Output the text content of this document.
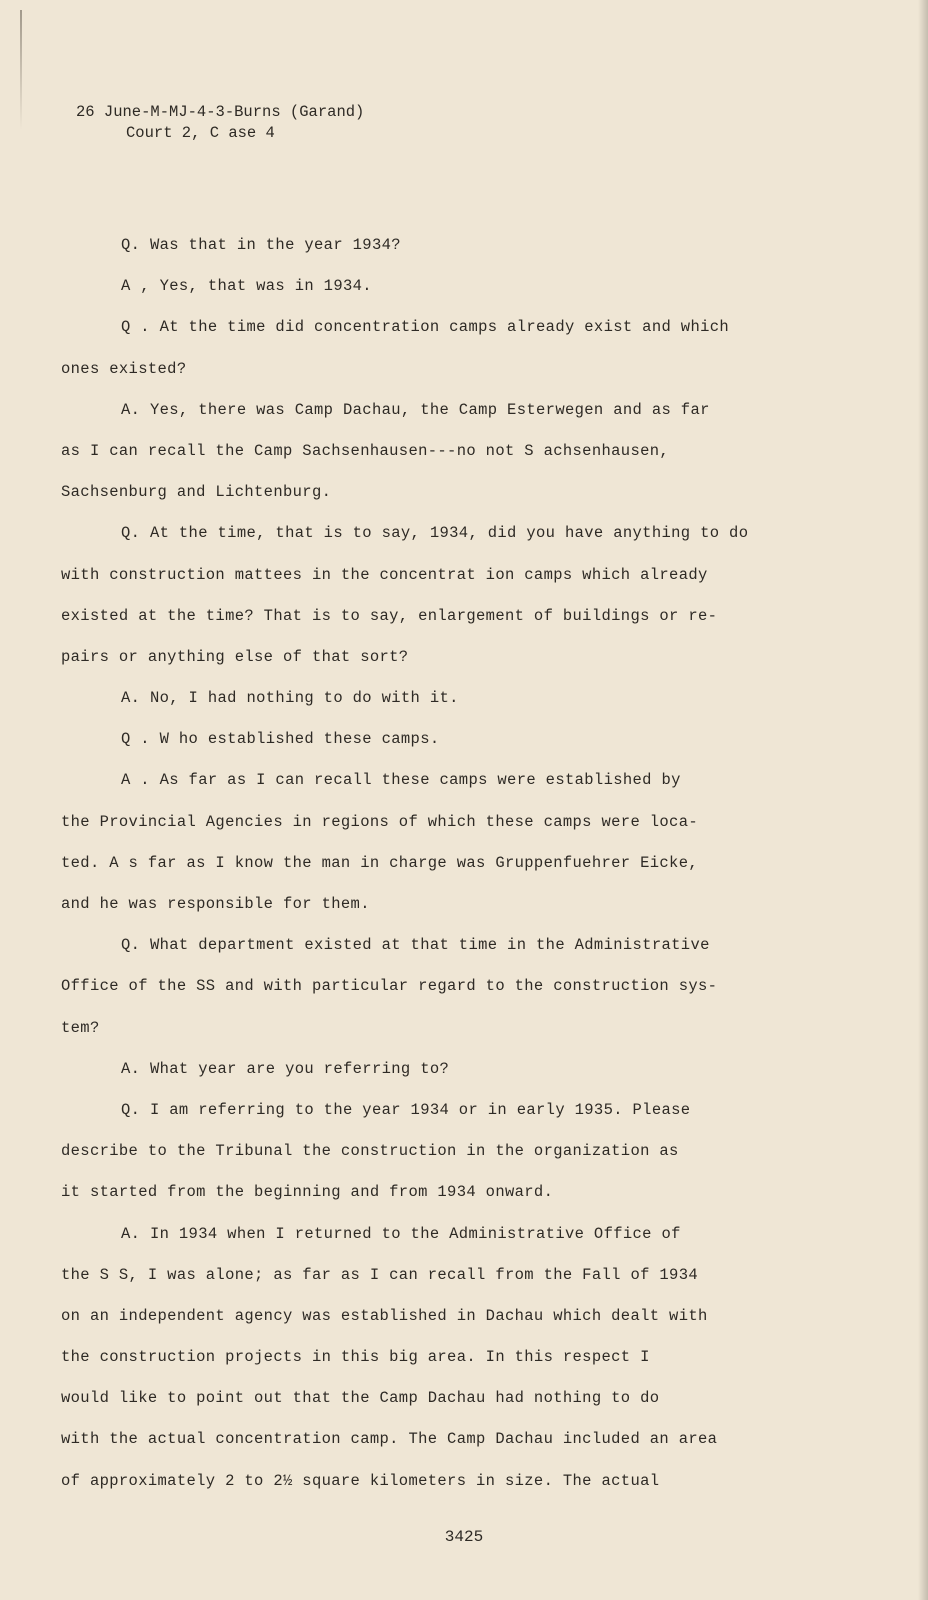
26 June-M-MJ-4-3-Burns (Garand)
Court 2, C ase 4
Q. Was that in the year 1934?
A , Yes, that was in 1934.
Q . At the time did concentration camps already exist and which
ones existed?
A. Yes, there was Camp Dachau, the Camp Esterwegen and as far
as I can recall the Camp Sachsenhausen---no not S achsenhausen,
Sachsenburg and Lichtenburg.
Q. At the time, that is to say, 1934, did you have anything to do
with construction mattees in the concentrat ion camps which already
existed at the time? That is to say, enlargement of buildings or re-
pairs or anything else of that sort?
A. No, I had nothing to do with it.
Q . W ho established these camps.
A . As far as I can recall these camps were established by
the Provincial Agencies in regions of which these camps were loca-
ted. A s far as I know the man in charge was Gruppenfuehrer Eicke,
and he was responsible for them.
Q. What department existed at that time in the Administrative
Office of the SS and with particular regard to the construction sys-
tem?
A. What year are you referring to?
Q. I am referring to the year 1934 or in early 1935. Please
describe to the Tribunal the construction in the organization as
it started from the beginning and from 1934 onward.
A. In 1934 when I returned to the Administrative Office of
the S S, I was alone; as far as I can recall from the Fall of 1934
on an independent agency was established in Dachau which dealt with
the construction projects in this big area. In this respect I
would like to point out that the Camp Dachau had nothing to do
with the actual concentration camp. The Camp Dachau included an area
of approximately 2 to 2½ square kilometers in size. The actual
3425
